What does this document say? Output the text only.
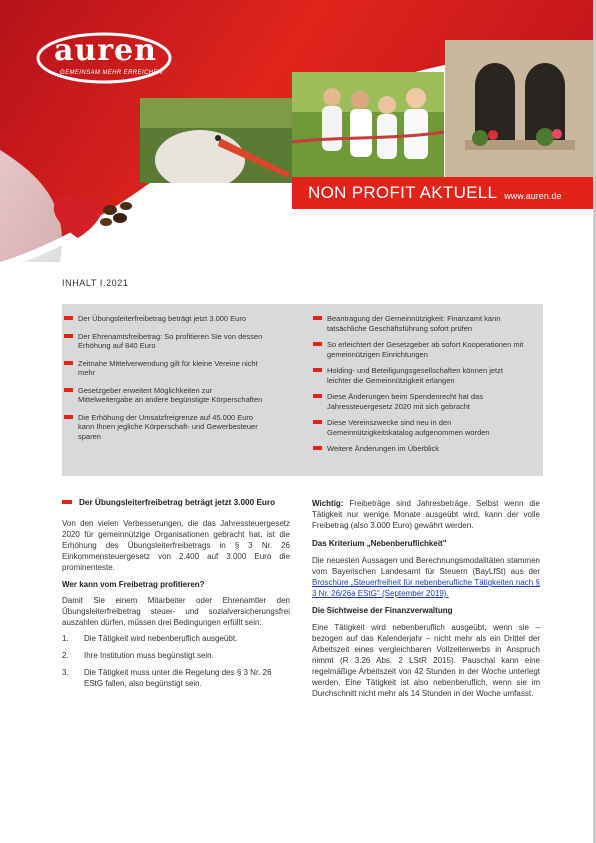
auren
GEMEINSAM MEHR ERREICHEN
NON PROFIT AKTUELL www.auren.de
INHALT I.2021
Der Übungsleiterfreibetrag beträgt jetzt 3.000 Euro
Der Ehrenamtsfreibetrag: So profitieren Sie von dessen Erhöhung auf 840 Euro
Zeitnahe Mittelverwendung gilt für kleine Vereine nicht mehr
Gesetzgeber erweitert Möglichkeiten zur Mittelweitergabe an andere begünstigte Körperschaften
Die Erhöhung der Umsatzfreigrenze auf 45.000 Euro kann Ihnen jegliche Körperschaft- und Gewerbesteuer sparen
Beantragung der Gemeinnützigkeit: Finanzamt kann tatsächliche Geschäftsführung sofort prüfen
So erleichtert der Gesetzgeber ab sofort Kooperationen mit gemeinnützigen Einrichtungen
Holding- und Beteiligungsgesellschaften können jetzt leichter die Gemeinnützigkeit erlangen
Diese Änderungen beim Spendenrecht hat das Jahressteuergesetz 2020 mit sich gebracht
Diese Vereinszwecke sind neu in den Gemeinnützigkeitskatalog aufgenommen worden
Weitere Änderungen im Überblick
Der Übungsleiterfreibetrag beträgt jetzt 3.000 Euro

Von den vielen Verbesserungen, die das Jahressteuergesetz 2020 für gemeinnützige Organisationen gebracht hat, ist die Erhöhung des Übungsleiterfreibetrags in § 3 Nr. 26 Einkommensteuergesetz von 2.400 auf 3.000 Euro die prominenteste.

Wer kann vom Freibetrag profitieren?

Damit Sie einem Mitarbeiter oder Ehrenamtler den Übungsleiterfreibetrag steuer- und sozialversicherungsfrei auszahlen dürfen, müssen drei Bedingungen erfüllt sein:

1. Die Tätigkeit wird nebenberuflich ausgeübt.
2. Ihre Institution muss begünstigt sein.
3. Die Tätigkeit muss unter die Regelung des § 3 Nr. 26 EStG fallen, also begünstigt sein.

Wichtig: Freibeträge sind Jahresbeträge. Selbst wenn die Tätigkeit nur wenige Monate ausgeübt wird, kann der volle Freibetrag (also 3.000 Euro) gewährt werden.

Das Kriterium „Nebenberuflichkeit"

Die neuesten Aussagen und Berechnungsmodalitäten stammen vom Bayerischen Landesamt für Steuern (BayLfSt) aus der Broschüre „Steuerfreiheit für nebenberufliche Tätigkeiten nach § 3 Nr. 26/26a EStG" (September 2019).

Die Sichtweise der Finanzverwaltung

Eine Tätigkeit wird nebenberuflich ausgeübt, wenn sie – bezogen auf das Kalenderjahr – nicht mehr als ein Drittel der Arbeitszeit eines vergleichbaren Vollzeiterwerbs in Anspruch nimmt (R 3.26 Abs. 2 LStR 2015). Pauschal kann eine regelmäßige Arbeitszeit von 42 Stunden in der Woche unterlegt werden. Eine Tätigkeit ist also nebenberuflich, wenn sie im Durchschnitt nicht mehr als 14 Stunden in der Woche umfasst.
